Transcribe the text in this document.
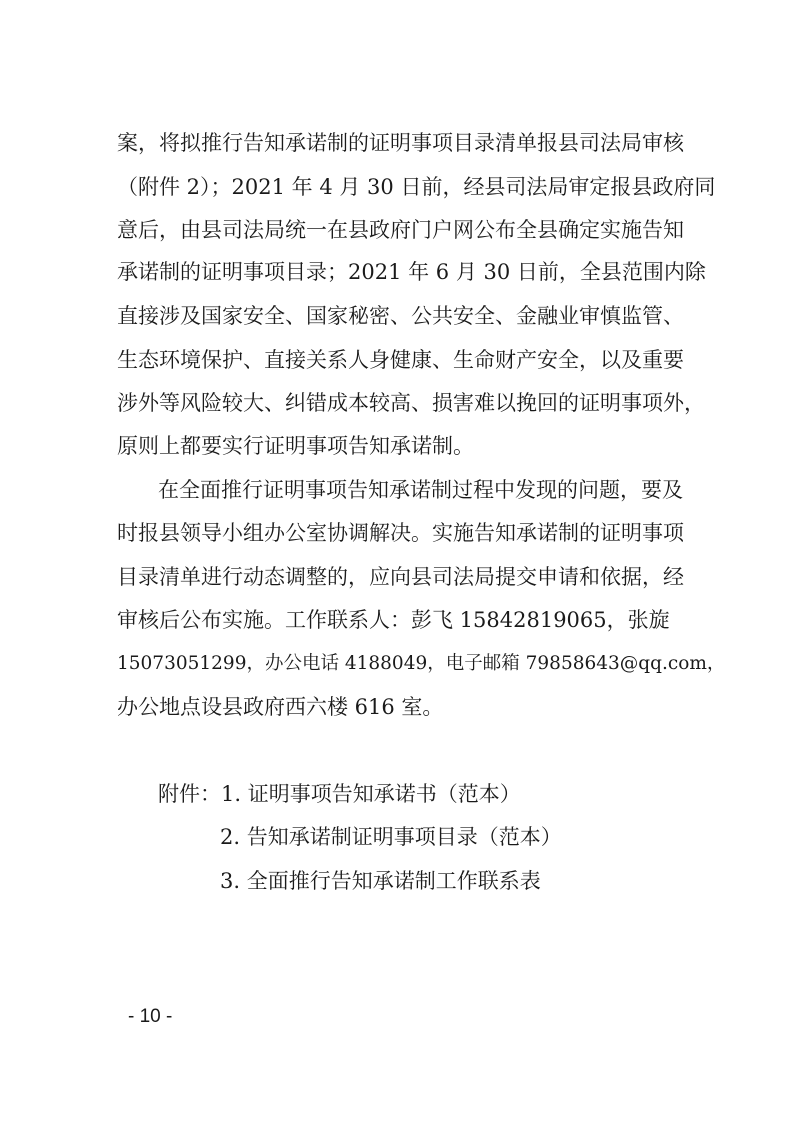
案，将拟推行告知承诺制的证明事项目录清单报县司法局审核
（附件 2）；2021 年 4 月 30 日前，经县司法局审定报县政府同
意后，由县司法局统一在县政府门户网公布全县确定实施告知
承诺制的证明事项目录；2021 年 6 月 30 日前，全县范围内除
直接涉及国家安全、国家秘密、公共安全、金融业审慎监管、
生态环境保护、直接关系人身健康、生命财产安全，以及重要
涉外等风险较大、纠错成本较高、损害难以挽回的证明事项外，
原则上都要实行证明事项告知承诺制。
在全面推行证明事项告知承诺制过程中发现的问题，要及
时报县领导小组办公室协调解决。实施告知承诺制的证明事项
目录清单进行动态调整的，应向县司法局提交申请和依据，经
审核后公布实施。工作联系人：彭飞 15842819065，张旋
15073051299，办公电话 4188049，电子邮箱 79858643@qq.com，
办公地点设县政府西六楼 616 室。
附件：1. 证明事项告知承诺书（范本）
2. 告知承诺制证明事项目录（范本）
3. 全面推行告知承诺制工作联系表
- 10 -
